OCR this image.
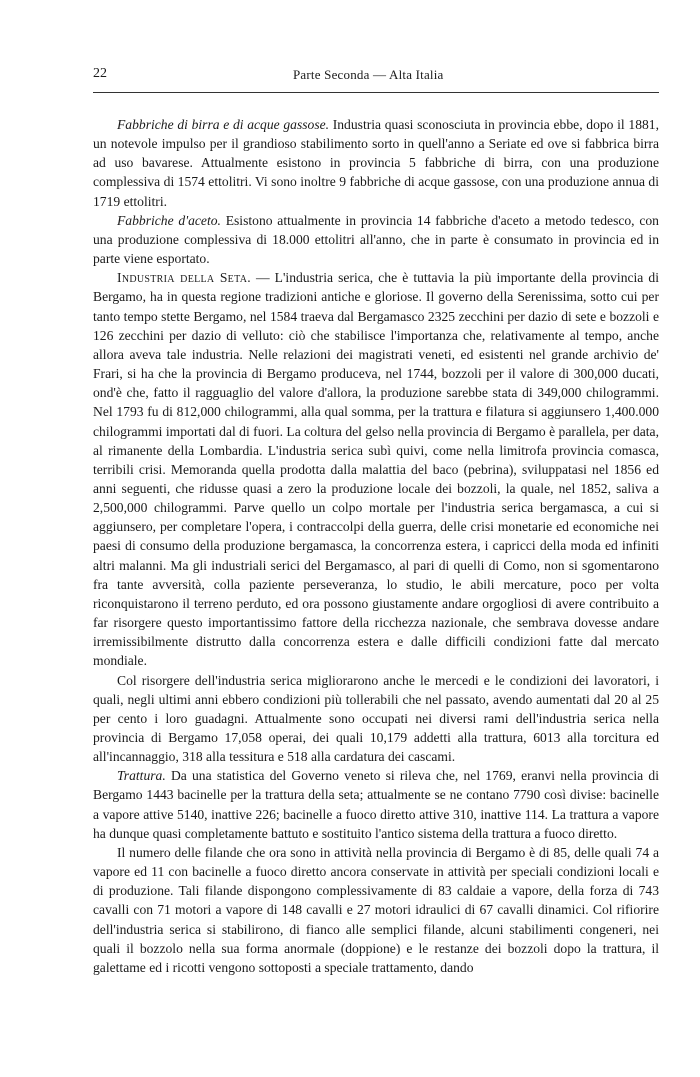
22	Parte Seconda — Alta Italia

Fabbriche di birra e di acque gassose. Industria quasi sconosciuta in provincia ebbe, dopo il 1881, un notevole impulso per il grandioso stabilimento sorto in quell'anno a Seriate ed ove si fabbrica birra ad uso bavarese. Attualmente esistono in provincia 5 fabbriche di birra, con una produzione complessiva di 1574 ettolitri. Vi sono inoltre 9 fabbriche di acque gassose, con una produzione annua di 1719 ettolitri.

Fabbriche d'aceto. Esistono attualmente in provincia 14 fabbriche d'aceto a metodo tedesco, con una produzione complessiva di 18.000 ettolitri all'anno, che in parte è consumato in provincia ed in parte viene esportato.

Industria della Seta. — L'industria serica, che è tuttavia la più importante della provincia di Bergamo, ha in questa regione tradizioni antiche e gloriose. Il governo della Serenissima, sotto cui per tanto tempo stette Bergamo, nel 1584 traeva dal Bergamasco 2325 zecchini per dazio di sete e bozzoli e 126 zecchini per dazio di velluto: ciò che stabilisce l'importanza che, relativamente al tempo, anche allora aveva tale industria. Nelle relazioni dei magistrati veneti, ed esistenti nel grande archivio de' Frari, si ha che la provincia di Bergamo produceva, nel 1744, bozzoli per il valore di 300,000 ducati, ond'è che, fatto il ragguaglio del valore d'allora, la produzione sarebbe stata di 349,000 chilogrammi. Nel 1793 fu di 812,000 chilogrammi, alla qual somma, per la trattura e filatura si aggiunsero 1,400.000 chilogrammi importati dal di fuori. La coltura del gelso nella provincia di Bergamo è parallela, per data, al rimanente della Lombardia. L'industria serica subì quivi, come nella limitrofa provincia comasca, terribili crisi. Memoranda quella prodotta dalla malattia del baco (pebrina), sviluppatasi nel 1856 ed anni seguenti, che ridusse quasi a zero la produzione locale dei bozzoli, la quale, nel 1852, saliva a 2,500,000 chilogrammi. Parve quello un colpo mortale per l'industria serica bergamasca, a cui si aggiunsero, per completare l'opera, i contraccolpi della guerra, delle crisi monetarie ed economiche nei paesi di consumo della produzione bergamasca, la concorrenza estera, i capricci della moda ed infiniti altri malanni. Ma gli industriali serici del Bergamasco, al pari di quelli di Como, non si sgomentarono fra tante avversità, colla paziente perseveranza, lo studio, le abili mercature, poco per volta riconquistarono il terreno perduto, ed ora possono giustamente andare orgogliosi di avere contribuito a far risorgere questo importantissimo fattore della ricchezza nazionale, che sembrava dovesse andare irremissibilmente distrutto dalla concorrenza estera e dalle difficili condizioni fatte dal mercato mondiale.

Col risorgere dell'industria serica migliorarono anche le mercedi e le condizioni dei lavoratori, i quali, negli ultimi anni ebbero condizioni più tollerabili che nel passato, avendo aumentati dal 20 al 25 per cento i loro guadagni. Attualmente sono occupati nei diversi rami dell'industria serica nella provincia di Bergamo 17,058 operai, dei quali 10,179 addetti alla trattura, 6013 alla torcitura ed all'incannaggio, 318 alla tessitura e 518 alla cardatura dei cascami.

Trattura. Da una statistica del Governo veneto si rileva che, nel 1769, eranvi nella provincia di Bergamo 1443 bacinelle per la trattura della seta; attualmente se ne contano 7790 così divise: bacinelle a vapore attive 5140, inattive 226; bacinelle a fuoco diretto attive 310, inattive 114. La trattura a vapore ha dunque quasi completamente battuto e sostituito l'antico sistema della trattura a fuoco diretto.

Il numero delle filande che ora sono in attività nella provincia di Bergamo è di 85, delle quali 74 a vapore ed 11 con bacinelle a fuoco diretto ancora conservate in attività per speciali condizioni locali e di produzione. Tali filande dispongono complessivamente di 83 caldaie a vapore, della forza di 743 cavalli con 71 motori a vapore di 148 cavalli e 27 motori idraulici di 67 cavalli dinamici. Col rifiorire dell'industria serica si stabilirono, di fianco alle semplici filande, alcuni stabilimenti congeneri, nei quali il bozzolo nella sua forma anormale (doppione) e le restanze dei bozzoli dopo la trattura, il galettame ed i ricotti vengono sottoposti a speciale trattamento, dando
